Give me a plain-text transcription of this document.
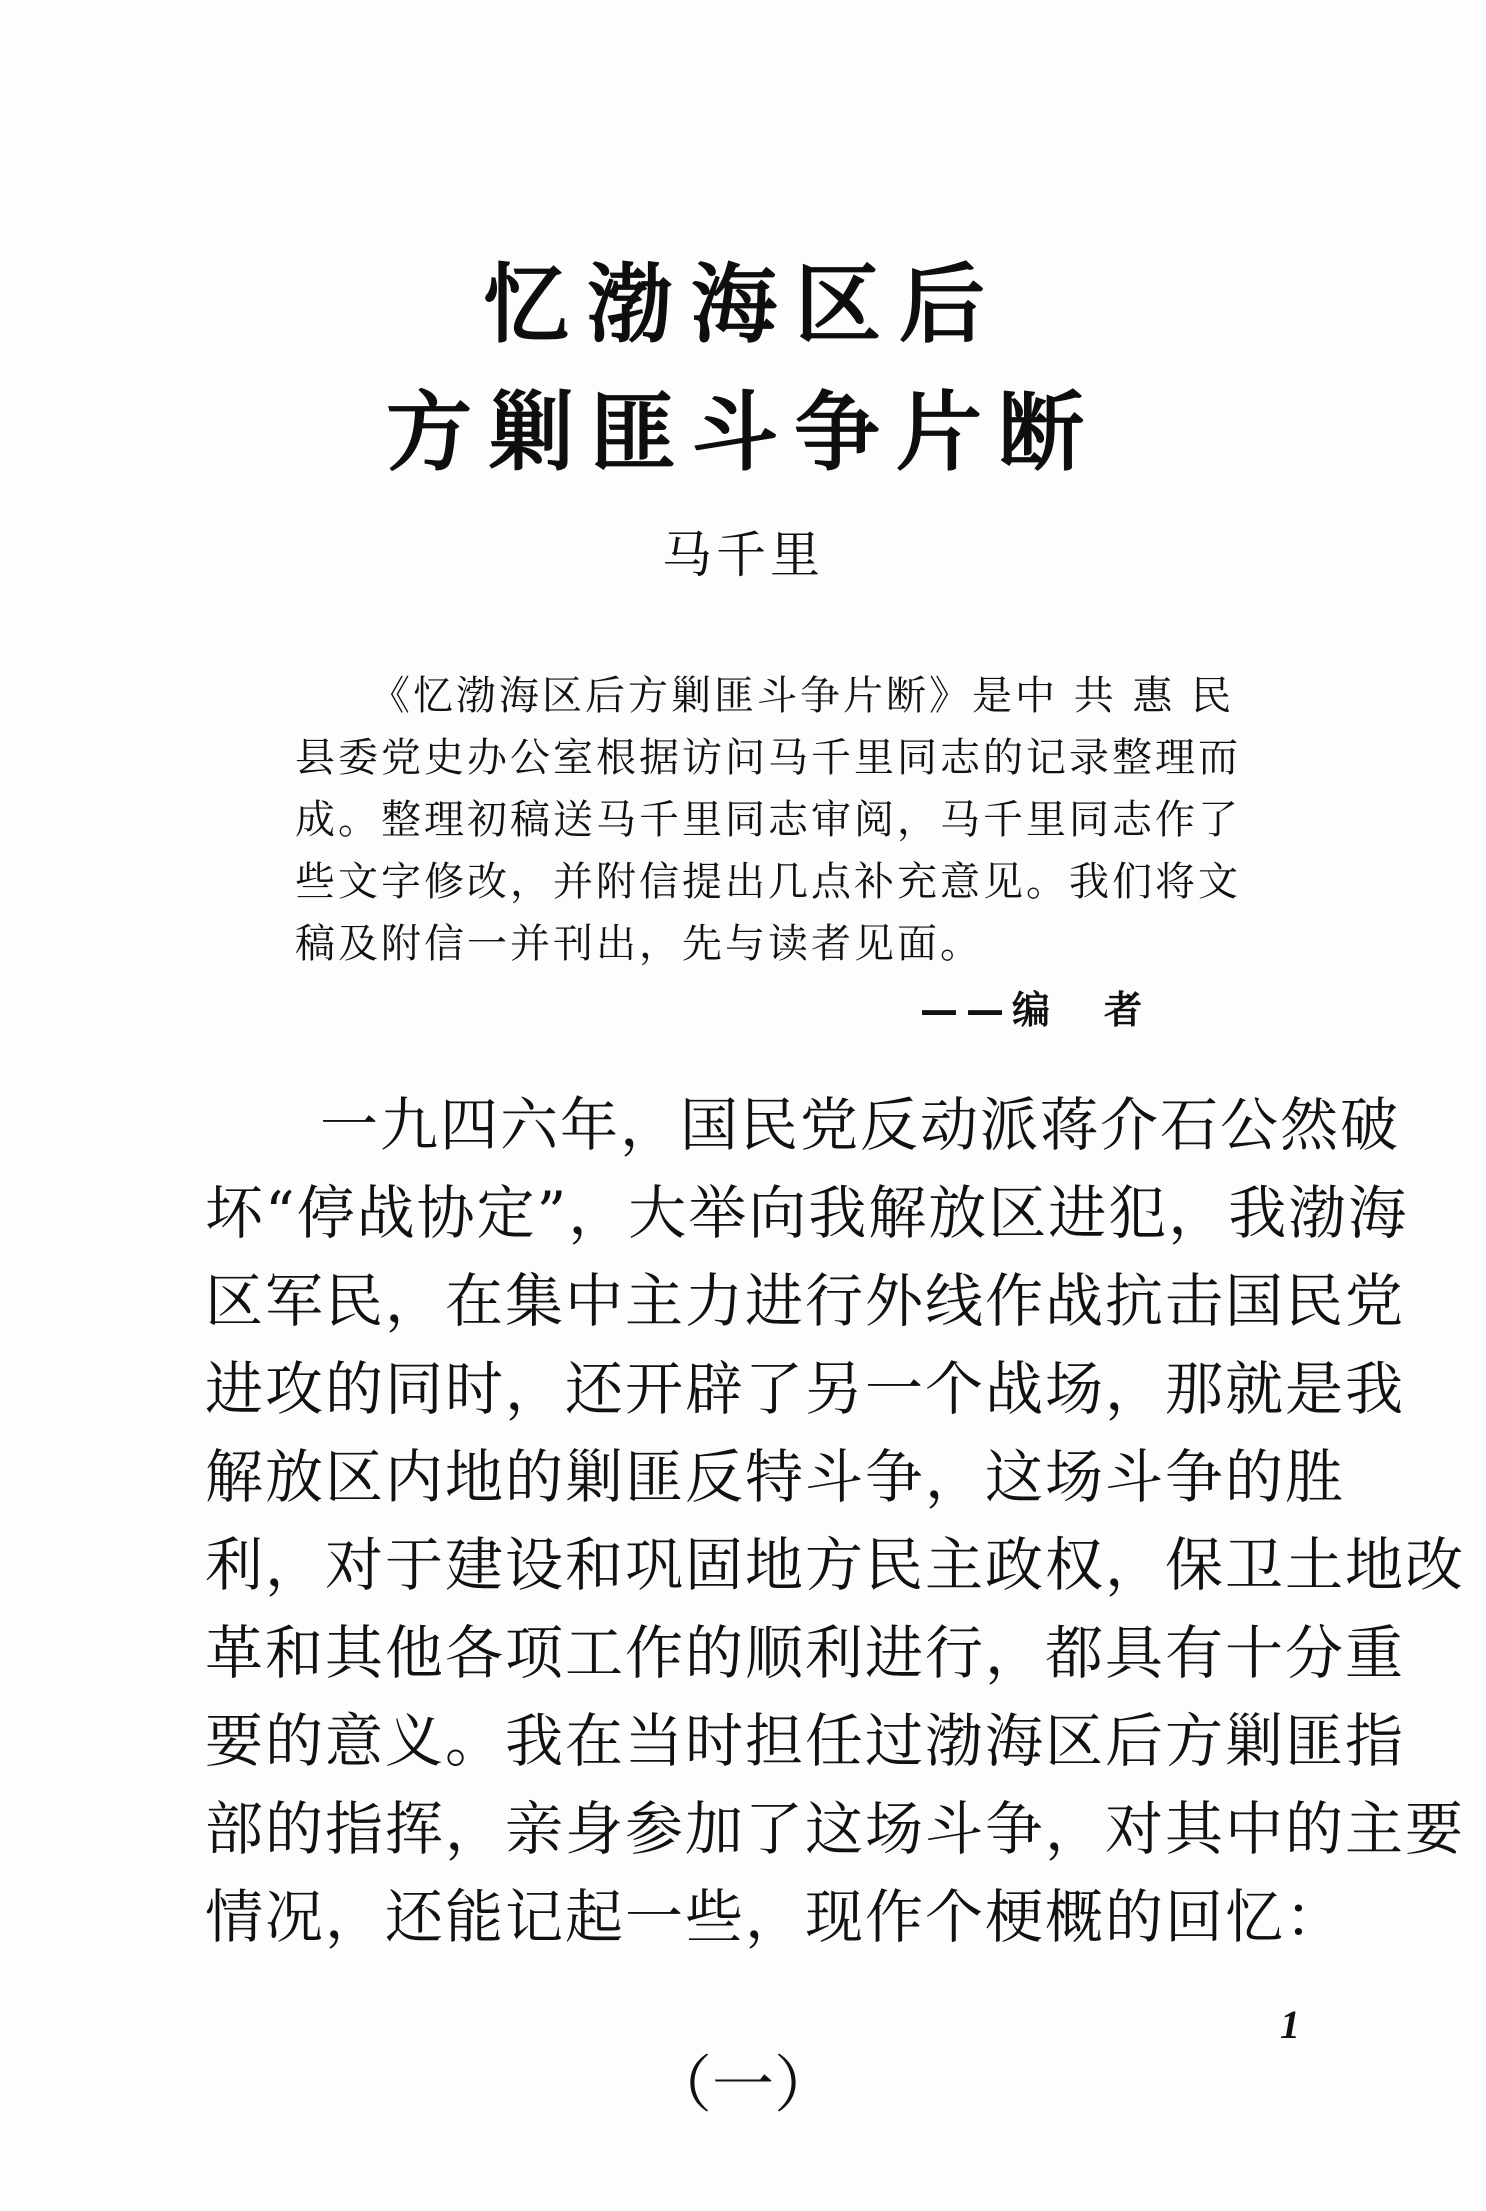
忆渤海区后
方剿匪斗争片断
马千里
《忆渤海区后方剿匪斗争片断》是中 共 惠 民
县委党史办公室根据访问马千里同志的记录整理而
成。整理初稿送马千里同志审阅，马千里同志作了
些文字修改，并附信提出几点补充意见。我们将文
稿及附信一并刊出，先与读者见面。
——编　者
一九四六年，国民党反动派蒋介石公然破
坏“停战协定”，大举向我解放区进犯，我渤海
区军民，在集中主力进行外线作战抗击国民党
进攻的同时，还开辟了另一个战场，那就是我
解放区内地的剿匪反特斗争，这场斗争的胜
利，对于建设和巩固地方民主政权，保卫土地改
革和其他各项工作的顺利进行，都具有十分重
要的意义。我在当时担任过渤海区后方剿匪指
部的指挥，亲身参加了这场斗争，对其中的主要
情况，还能记起一些，现作个梗概的回忆：
（一）
1
